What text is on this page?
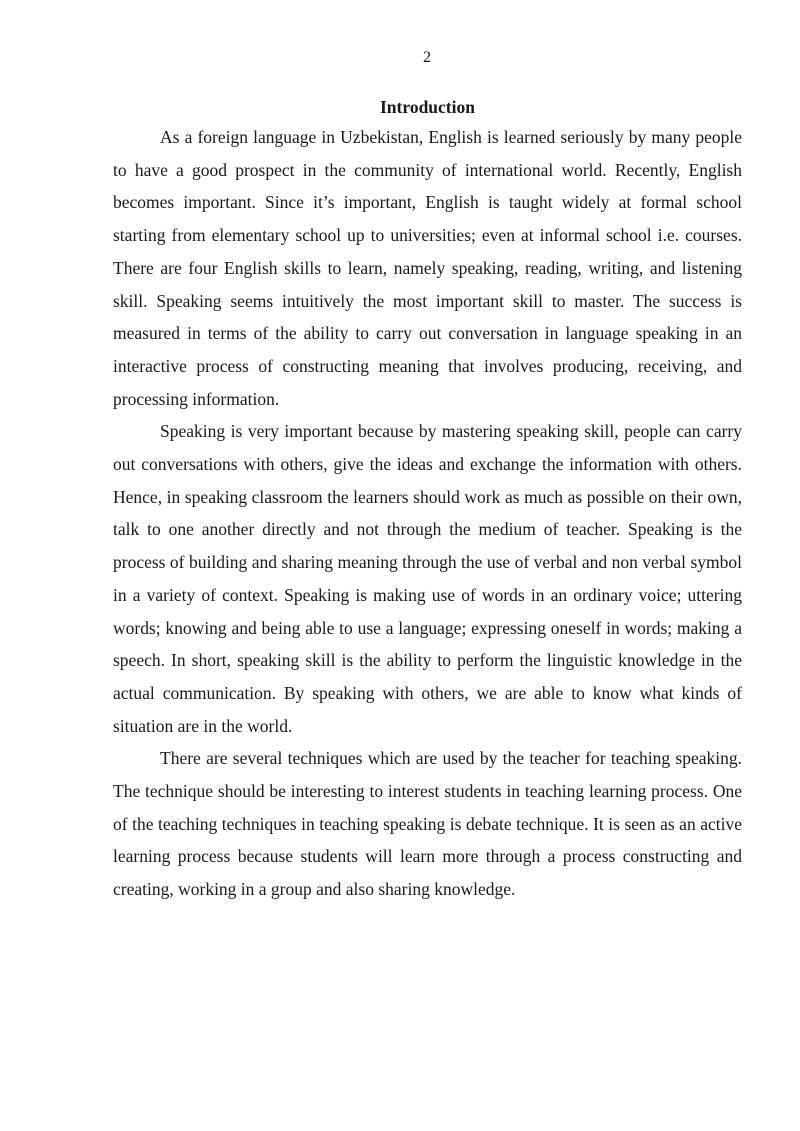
2
Introduction

As a foreign language in Uzbekistan, English is learned seriously by many people to have a good prospect in the community of international world. Recently, English becomes important. Since it’s important, English is taught widely at formal school starting from elementary school up to universities; even at informal school i.e. courses. There are four English skills to learn, namely speaking, reading, writing, and listening skill. Speaking seems intuitively the most important skill to master. The success is measured in terms of the ability to carry out conversation in language speaking in an interactive process of constructing meaning that involves producing, receiving, and processing information.

Speaking is very important because by mastering speaking skill, people can carry out conversations with others, give the ideas and exchange the information with others. Hence, in speaking classroom the learners should work as much as possible on their own, talk to one another directly and not through the medium of teacher. Speaking is the process of building and sharing meaning through the use of verbal and non verbal symbol in a variety of context. Speaking is making use of words in an ordinary voice; uttering words; knowing and being able to use a language; expressing oneself in words; making a speech. In short, speaking skill is the ability to perform the linguistic knowledge in the actual communication. By speaking with others, we are able to know what kinds of situation are in the world.

There are several techniques which are used by the teacher for teaching speaking. The technique should be interesting to interest students in teaching learning process. One of the teaching techniques in teaching speaking is debate technique. It is seen as an active learning process because students will learn more through a process constructing and creating, working in a group and also sharing knowledge.
